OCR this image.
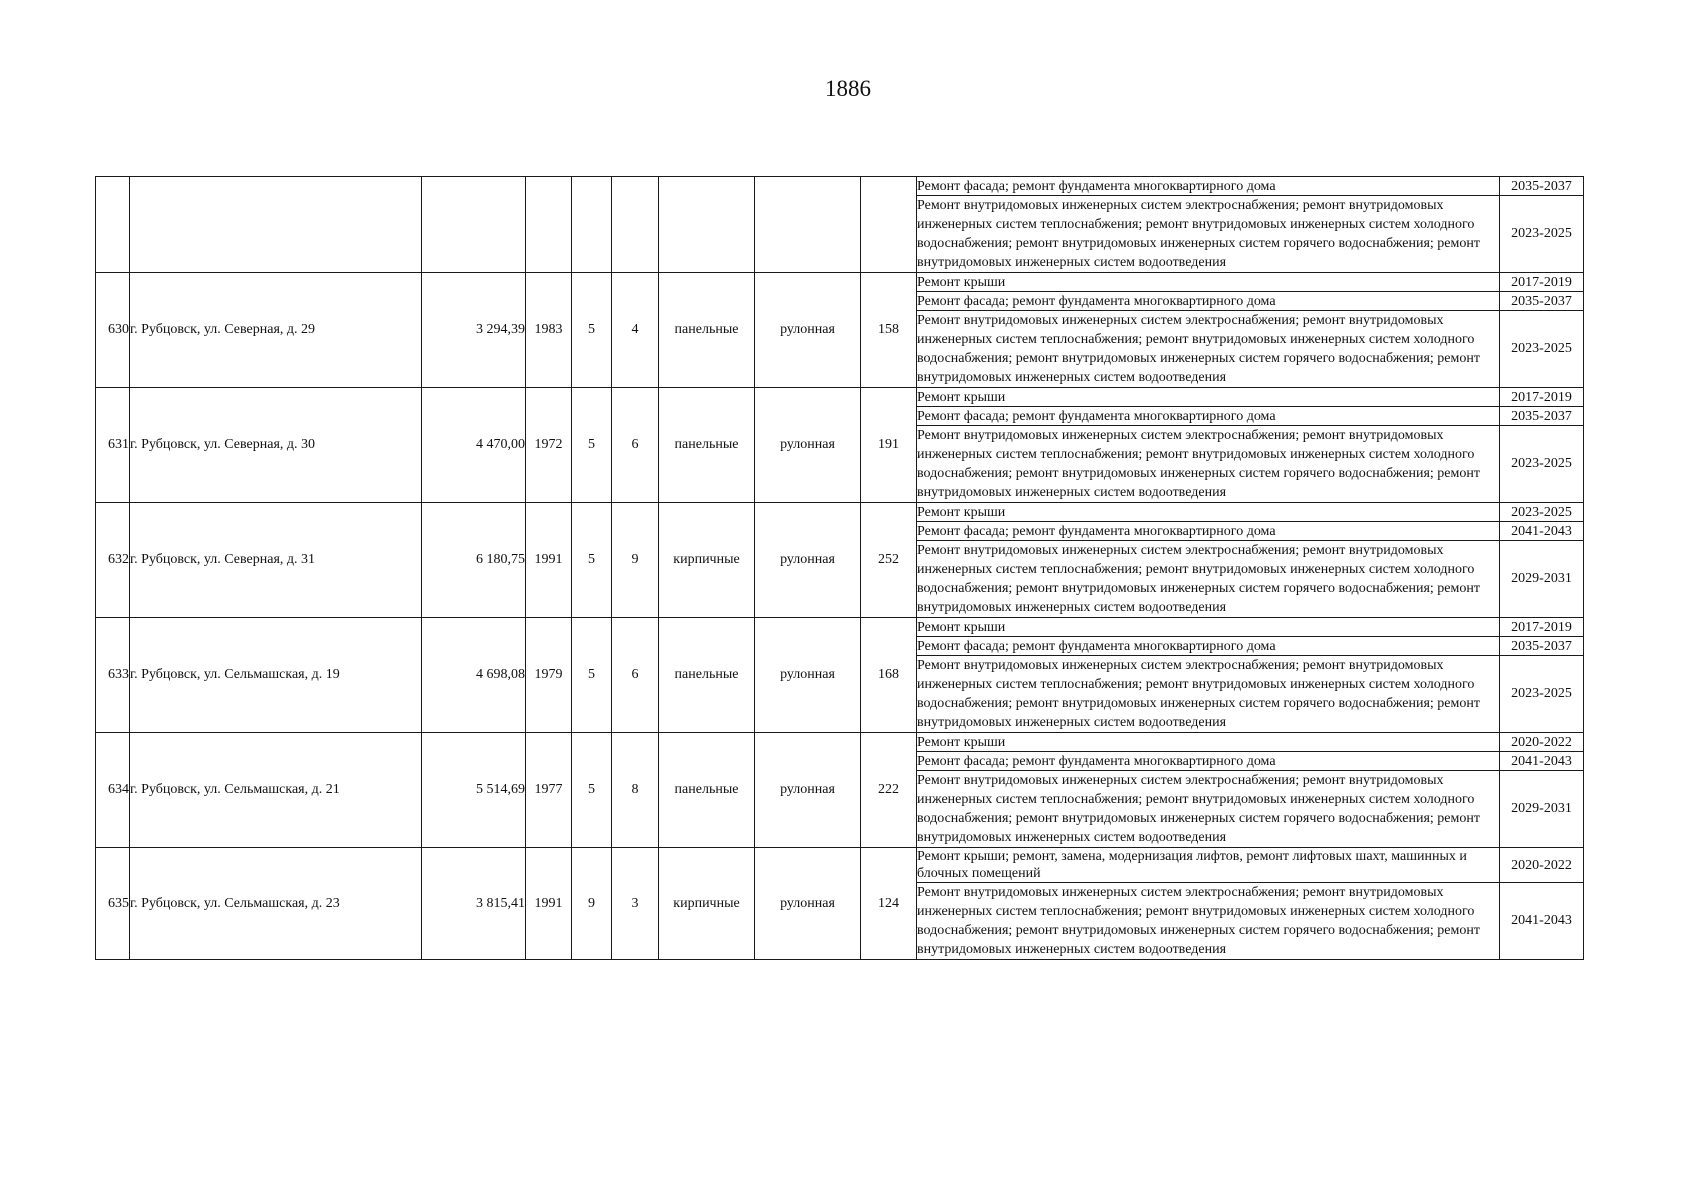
1886
									Ремонт фасада; ремонт фундамента многоквартирного дома	2035-2037
									Ремонт внутридомовых инженерных систем электроснабжения; ремонт внутридомовых инженерных систем теплоснабжения; ремонт внутридомовых инженерных систем холодного водоснабжения; ремонт внутридомовых инженерных систем горячего водоснабжения; ремонт внутридомовых инженерных систем водоотведения	2023-2025
630	г. Рубцовск, ул. Северная, д. 29	3 294,39	1983	5	4	панельные	рулонная	158	Ремонт крыши	2017-2019
									Ремонт фасада; ремонт фундамента многоквартирного дома	2035-2037
									Ремонт внутридомовых инженерных систем электроснабжения; ремонт внутридомовых инженерных систем теплоснабжения; ремонт внутридомовых инженерных систем холодного водоснабжения; ремонт внутридомовых инженерных систем горячего водоснабжения; ремонт внутридомовых инженерных систем водоотведения	2023-2025
631	г. Рубцовск, ул. Северная, д. 30	4 470,00	1972	5	6	панельные	рулонная	191	Ремонт крыши	2017-2019
									Ремонт фасада; ремонт фундамента многоквартирного дома	2035-2037
									Ремонт внутридомовых инженерных систем электроснабжения; ремонт внутридомовых инженерных систем теплоснабжения; ремонт внутридомовых инженерных систем холодного водоснабжения; ремонт внутридомовых инженерных систем горячего водоснабжения; ремонт внутридомовых инженерных систем водоотведения	2023-2025
632	г. Рубцовск, ул. Северная, д. 31	6 180,75	1991	5	9	кирпичные	рулонная	252	Ремонт крыши	2023-2025
									Ремонт фасада; ремонт фундамента многоквартирного дома	2041-2043
									Ремонт внутридомовых инженерных систем электроснабжения; ремонт внутридомовых инженерных систем теплоснабжения; ремонт внутридомовых инженерных систем холодного водоснабжения; ремонт внутридомовых инженерных систем горячего водоснабжения; ремонт внутридомовых инженерных систем водоотведения	2029-2031
633	г. Рубцовск, ул. Сельмашская, д. 19	4 698,08	1979	5	6	панельные	рулонная	168	Ремонт крыши	2017-2019
									Ремонт фасада; ремонт фундамента многоквартирного дома	2035-2037
									Ремонт внутридомовых инженерных систем электроснабжения; ремонт внутридомовых инженерных систем теплоснабжения; ремонт внутридомовых инженерных систем холодного водоснабжения; ремонт внутридомовых инженерных систем горячего водоснабжения; ремонт внутридомовых инженерных систем водоотведения	2023-2025
634	г. Рубцовск, ул. Сельмашская, д. 21	5 514,69	1977	5	8	панельные	рулонная	222	Ремонт крыши	2020-2022
									Ремонт фасада; ремонт фундамента многоквартирного дома	2041-2043
									Ремонт внутридомовых инженерных систем электроснабжения; ремонт внутридомовых инженерных систем теплоснабжения; ремонт внутридомовых инженерных систем холодного водоснабжения; ремонт внутридомовых инженерных систем горячего водоснабжения; ремонт внутридомовых инженерных систем водоотведения	2029-2031
635	г. Рубцовск, ул. Сельмашская, д. 23	3 815,41	1991	9	3	кирпичные	рулонная	124	Ремонт крыши; ремонт, замена, модернизация лифтов, ремонт лифтовых шахт, машинных и блочных помещений	2020-2022
									Ремонт внутридомовых инженерных систем электроснабжения; ремонт внутридомовых инженерных систем теплоснабжения; ремонт внутридомовых инженерных систем холодного водоснабжения; ремонт внутридомовых инженерных систем горячего водоснабжения; ремонт внутридомовых инженерных систем водоотведения	2041-2043
